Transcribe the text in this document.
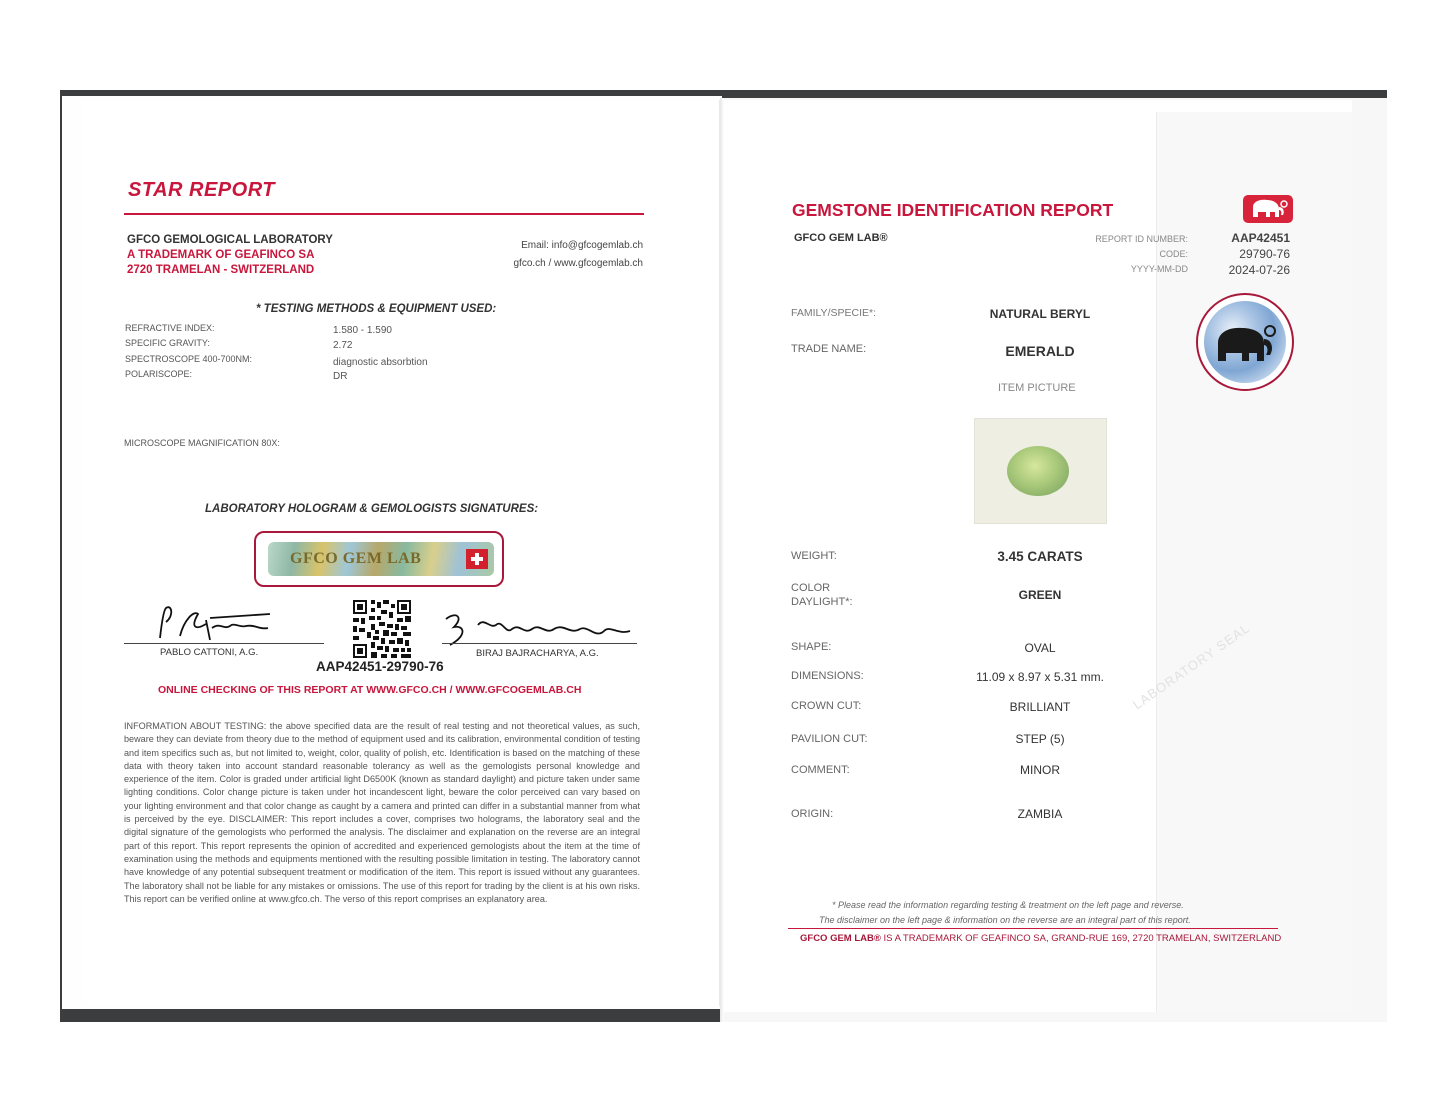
STAR REPORT
GFCO GEMOLOGICAL LABORATORY
A TRADEMARK OF GEAFINCO SA
2720 TRAMELAN - SWITZERLAND
Email: info@gfcogemlab.ch
gfco.ch / www.gfcogemlab.ch
* TESTING METHODS & EQUIPMENT USED:
REFRACTIVE INDEX:	1.580 - 1.590
SPECIFIC GRAVITY:	2.72
SPECTROSCOPE 400-700NM:	diagnostic absorbtion
POLARISCOPE:	DR
MICROSCOPE MAGNIFICATION 80X:
LABORATORY HOLOGRAM & GEMOLOGISTS SIGNATURES:
GFCO GEM LAB
PABLO CATTONI, A.G.	BIRAJ BAJRACHARYA, A.G.
AAP42451-29790-76
ONLINE CHECKING OF THIS REPORT AT WWW.GFCO.CH / WWW.GFCOGEMLAB.CH
INFORMATION ABOUT TESTING: the above specified data are the result of real testing and not theoretical values, as such, beware they can deviate from theory due to the method of equipment used and its calibration, environmental condition of testing and item specifics such as, but not limited to, weight, color, quality of polish, etc. Identification is based on the matching of these data with theory taken into account standard reasonable tolerancy as well as the gemologists personal knowledge and experience of the item. Color is graded under artificial light D6500K (known as standard daylight) and picture taken under same lighting conditions. Color change picture is taken under hot incandescent light, beware the color perceived can vary based on your lighting environment and that color change as caught by a camera and printed can differ in a substantial manner from what is perceived by the eye. DISCLAIMER: This report includes a cover, comprises two holograms, the laboratory seal and the digital signature of the gemologists who performed the analysis. The disclaimer and explanation on the reverse are an integral part of this report. This report represents the opinion of accredited and experienced gemologists about the item at the time of examination using the methods and equipments mentioned with the resulting possible limitation in testing. The laboratory cannot have knowledge of any potential subsequent treatment or modification of the item. This report is issued without any guarantees. The laboratory shall not be liable for any mistakes or omissions. The use of this report for trading by the client is at his own risks. This report can be verified online at www.gfco.ch. The verso of this report comprises an explanatory area.
GEMSTONE IDENTIFICATION REPORT
GFCO GEM LAB®	REPORT ID NUMBER:	AAP42451
CODE:	29790-76
YYYY-MM-DD	2024-07-26
LABORATORY SEAL
FAMILY/SPECIE*:	NATURAL BERYL
TRADE NAME:	EMERALD
ITEM PICTURE
WEIGHT:	3.45 CARATS
COLOR
DAYLIGHT*:	GREEN
SHAPE:	OVAL
DIMENSIONS:	11.09 x 8.97 x 5.31 mm.
CROWN CUT:	BRILLIANT
PAVILION CUT:	STEP (5)
COMMENT:	MINOR
ORIGIN:	ZAMBIA
* Please read the information regarding testing & treatment on the left page and reverse.
The disclaimer on the left page & information on the reverse are an integral part of this report.
GFCO GEM LAB® IS A TRADEMARK OF GEAFINCO SA, GRAND-RUE 169, 2720 TRAMELAN, SWITZERLAND
